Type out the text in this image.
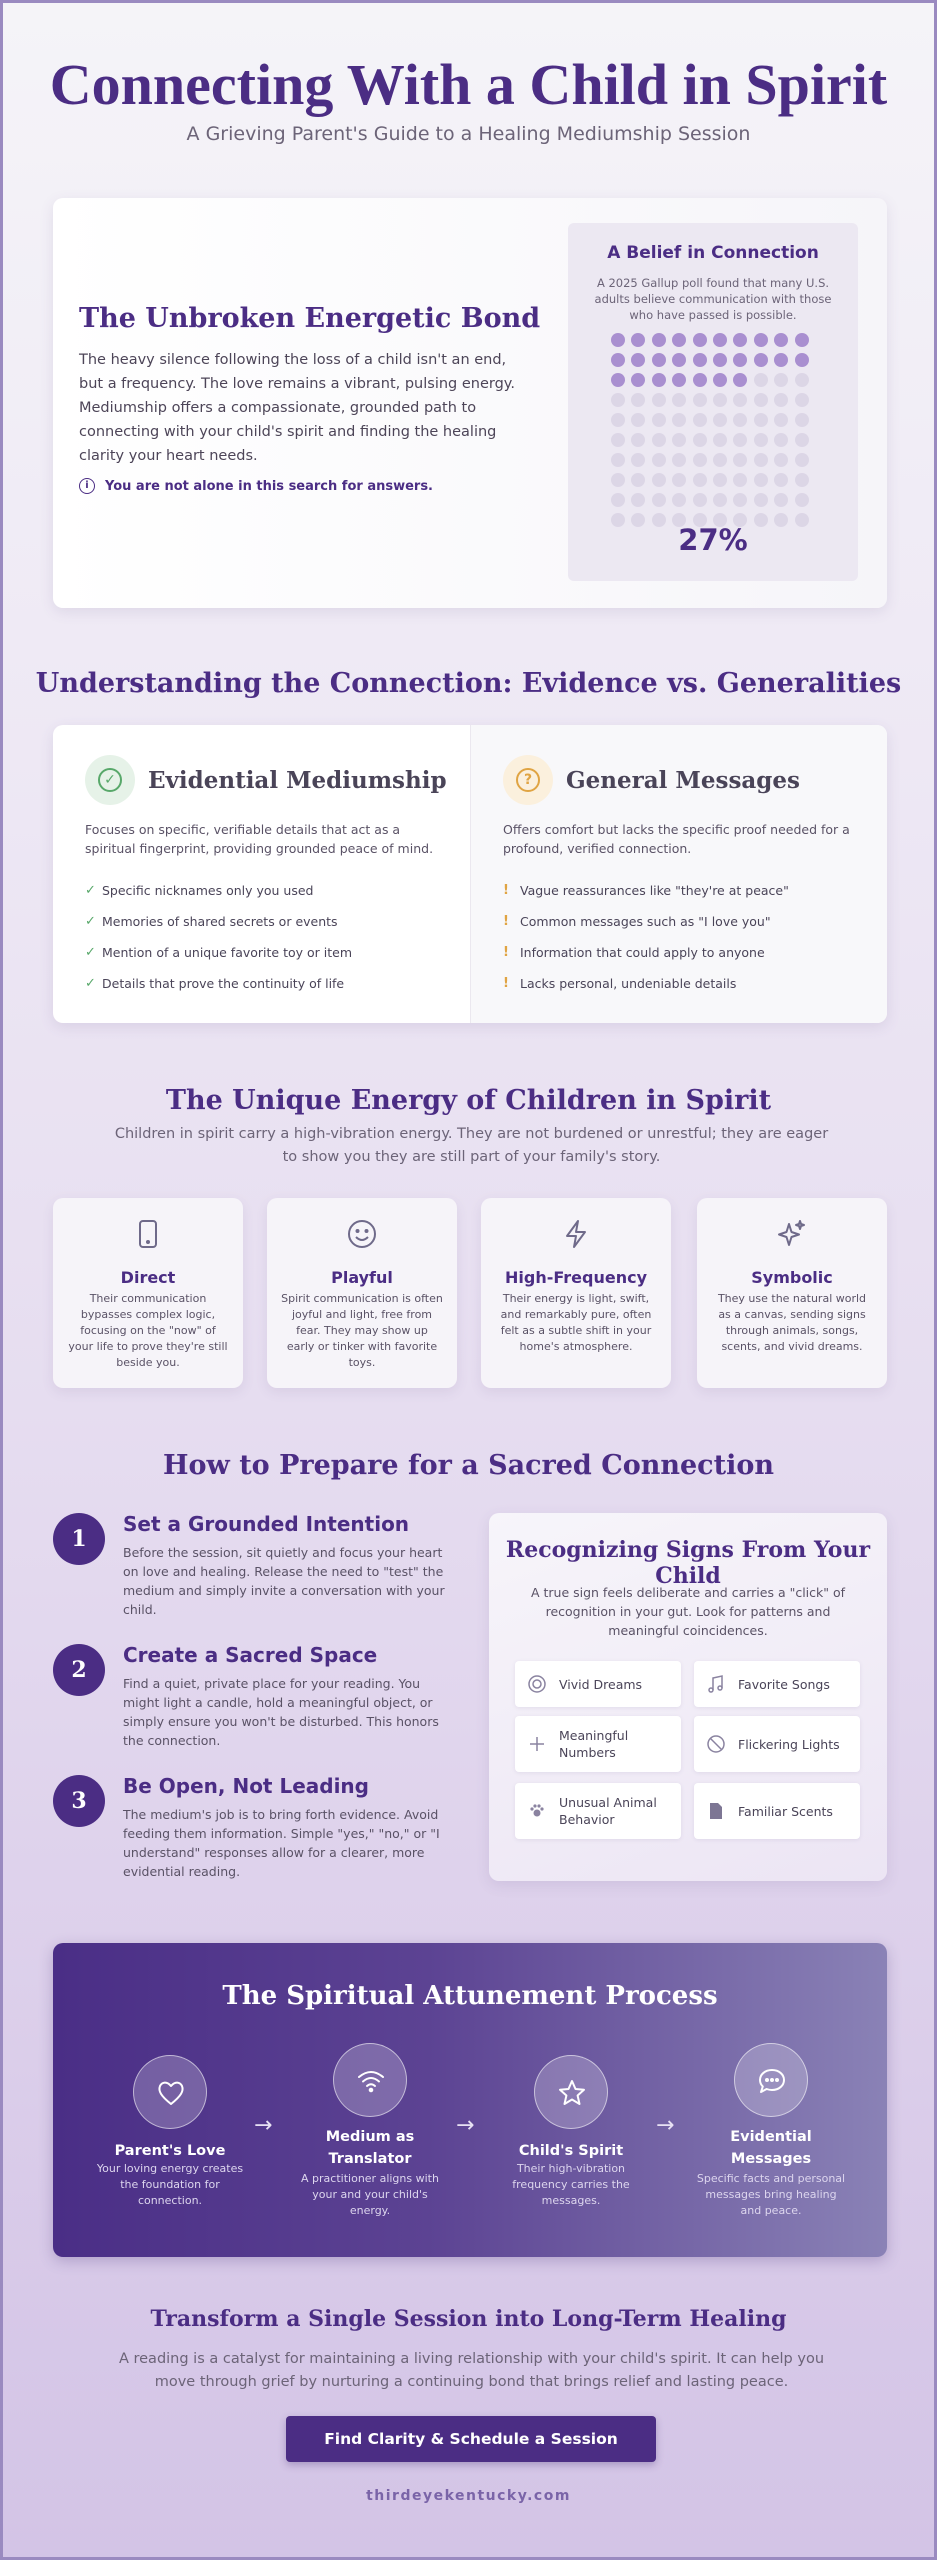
Connecting With a Child in Spirit
A Grieving Parent's Guide to a Healing Mediumship Session
The Unbroken Energetic Bond

The heavy silence following the loss of a child isn't an end, but a frequency. The love remains a vibrant, pulsing energy. Mediumship offers a compassionate, grounded path to connecting with your child's spirit and finding the healing clarity your heart needs.

i	You are not alone in this search for answers.
A Belief in Connection
A 2025 Gallup poll found that many U.S. adults believe communication with those who have passed is possible.
27%
Understanding the Connection: Evidence vs. Generalities
✓ Evidential Mediumship

Focuses on specific, verifiable details that act as a spiritual fingerprint, providing grounded peace of mind.

✓ Specific nicknames only you used
✓ Memories of shared secrets or events
✓ Mention of a unique favorite toy or item
✓ Details that prove the continuity of life
?	General Messages

Offers comfort but lacks the specific proof needed for a profound, verified connection.

! Vague reassurances like "they're at peace"
! Common messages such as "I love you"
! Information that could apply to anyone
! Lacks personal, undeniable details
The Unique Energy of Children in Spirit

Children in spirit carry a high-vibration energy. They are not burdened or unrestful; they are eager to show you they are still part of your family's story.

Direct
Their communication bypasses complex logic, focusing on the "now" of your life to prove they're still beside you.
Playful
Spirit communication is often joyful and light, free from fear. They may show up early or tinker with favorite toys.
High-Frequency
Their energy is light, swift, and remarkably pure, often felt as a subtle shift in your home's atmosphere.
Symbolic
They use the natural world as a canvas, sending signs through animals, songs, scents, and vivid dreams.
How to Prepare for a Sacred Connection
1
Set a Grounded Intention
Before the session, sit quietly and focus your heart on love and healing. Release the need to "test" the medium and simply invite a conversation with your child.
2
Create a Sacred Space
Find a quiet, private place for your reading. You might light a candle, hold a meaningful object, or simply ensure you won't be disturbed. This honors the connection.
3
Be Open, Not Leading
The medium's job is to bring forth evidence. Avoid feeding them information. Simple "yes," "no," or "I understand" responses allow for a clearer, more evidential reading.
Recognizing Signs From Your Child

A true sign feels deliberate and carries a "click" of recognition in your gut. Look for patterns and meaningful coincidences.

Vivid Dreams	Favorite Songs
Meaningful Numbers
Flickering Lights
Unusual Animal Behavior
Familiar Scents
The Spiritual Attunement Process
Parent's Love
Your loving energy creates the foundation for connection.
→	Medium as Translator
A practitioner aligns with your and your child's energy.
→
Child's Spirit
Their high-vibration frequency carries the messages.
→	Evidential Messages
Specific facts and personal messages bring healing and peace.
Transform a Single Session into Long-Term Healing

A reading is a catalyst for maintaining a living relationship with your child's spirit. It can help you move through grief by nurturing a continuing bond that brings relief and lasting peace.

Find Clarity & Schedule a Session
thirdeyekentucky.com
